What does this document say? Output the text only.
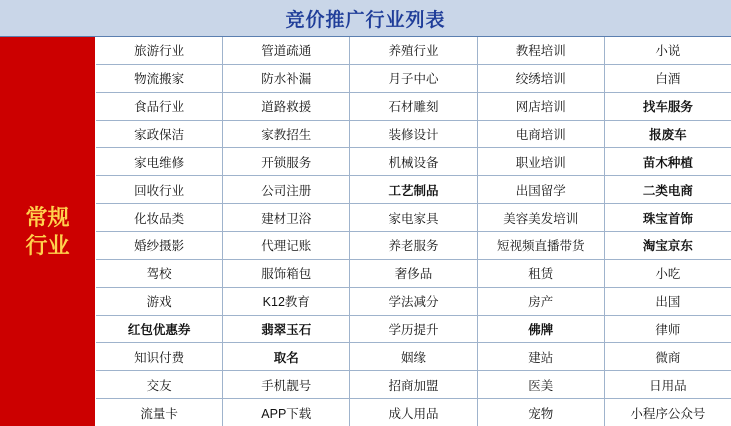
竞价推广行业列表
常规
行业
旅游行业	管道疏通	养殖行业	教程培训	小说
物流搬家	防水补漏	月子中心	绞绣培训	白酒
食品行业	道路救援	石材雕刻	网店培训	找车服务
家政保洁	家教招生	装修设计	电商培训	报废车
家电维修	开锁服务	机械设备	职业培训	苗木种植
回收行业	公司注册	工艺制品	出国留学	二类电商
化妆品类	建材卫浴	家电家具	美容美发培训	珠宝首饰
婚纱摄影	代理记账	养老服务	短视频直播带货	淘宝京东
驾校	服饰箱包	奢侈品	租赁	小吃
游戏	K12教育	学法减分	房产	出国
红包优惠券	翡翠玉石	学历提升	佛牌	律师
知识付费	取名	姻缘	建站	微商
交友	手机靓号	招商加盟	医美	日用品
流量卡	APP下载	成人用品	宠物	小程序公众号
